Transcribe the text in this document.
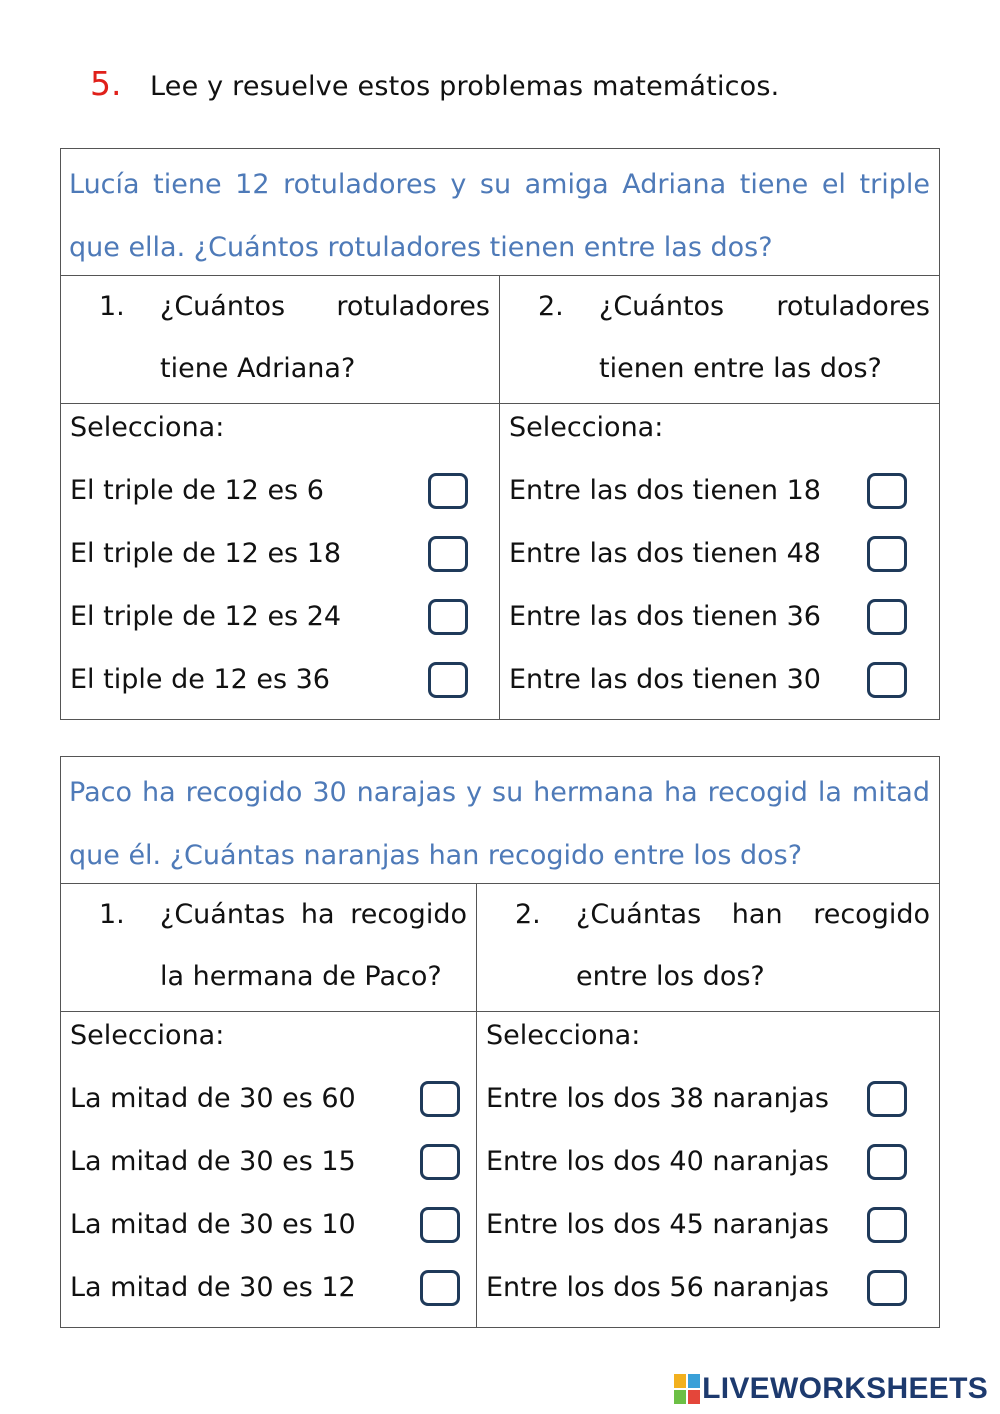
5.	Lee y resuelve estos problemas matemáticos.
Lucía tiene 12 rotuladores y su amiga Adriana tiene el triple
que ella. ¿Cuántos rotuladores tienen entre las dos?
1. ¿Cuántos rotuladores
tiene Adriana?
2. ¿Cuántos rotuladores
tienen entre las dos?
Selecciona:
El triple de 12 es 6
El triple de 12 es 18
El triple de 12 es 24
El tiple de 12 es 36
Selecciona:
Entre las dos tienen 18
Entre las dos tienen 48
Entre las dos tienen 36
Entre las dos tienen 30
Paco ha recogido 30 narajas y su hermana ha recogid la mitad
que él. ¿Cuántas naranjas han recogido entre los dos?
1. ¿Cuántas ha recogido
la hermana de Paco?
2. ¿Cuántas han recogido
entre los dos?
Selecciona:
La mitad de 30 es 60
La mitad de 30 es 15
La mitad de 30 es 10
La mitad de 30 es 12
Selecciona:
Entre los dos 38 naranjas
Entre los dos 40 naranjas
Entre los dos 45 naranjas
Entre los dos 56 naranjas
LIVEWORKSHEETS
